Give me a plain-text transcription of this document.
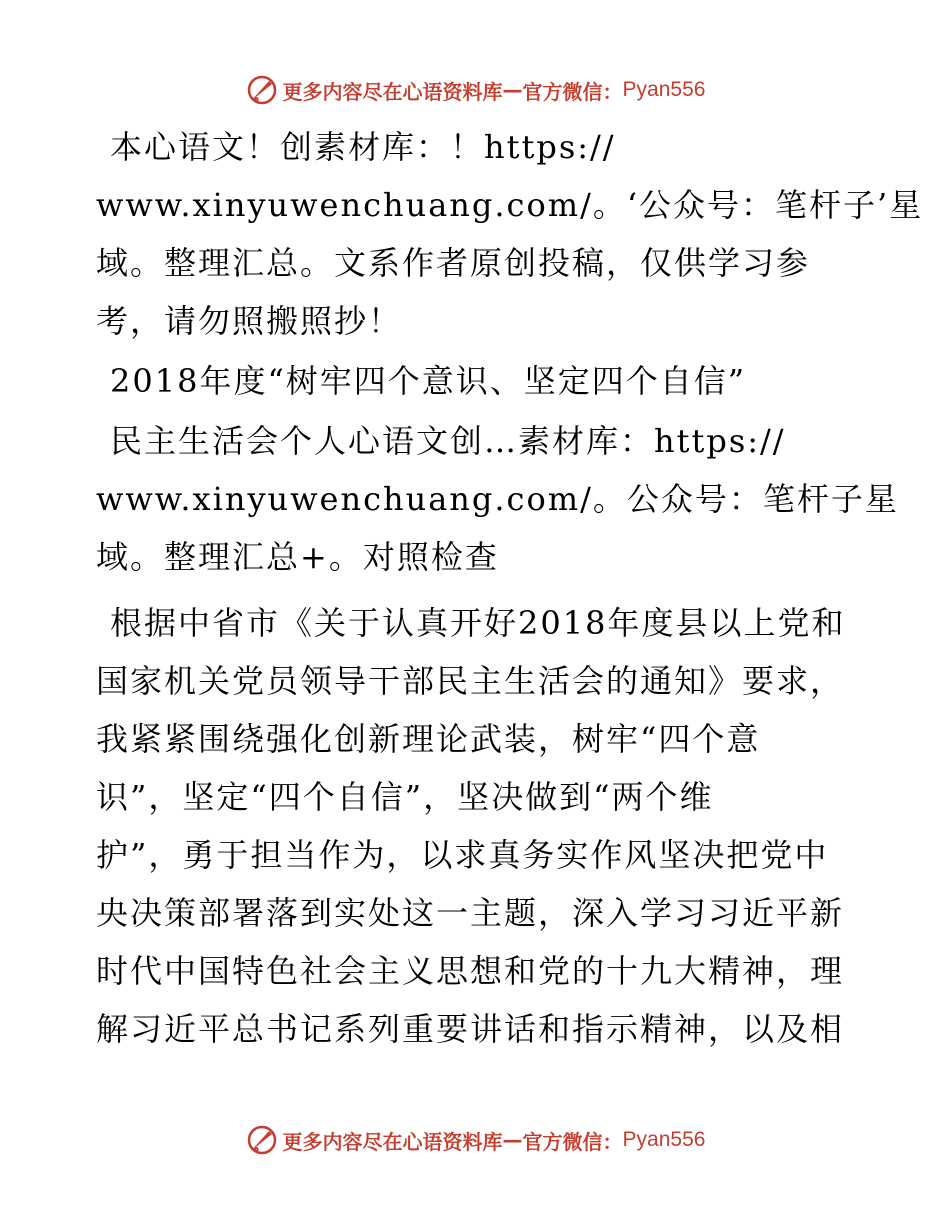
更多内容尽在心语资料库 — 官方微信： Pyan556
本心语文！创素材库：！https://
www.xinyuwenchuang.com/。‘公众号：笔杆子’星
域。整理汇总。文系作者原创投稿，仅供学习参
考，请勿照搬照抄！
2018年度“树牢四个意识、坚定四个自信”
民主生活会个人心语文创…素材库：https://
www.xinyuwenchuang.com/。公众号：笔杆子星
域。整理汇总+。对照检查
根据中省市《关于认真开好2018年度县以上党和
国家机关党员领导干部民主生活会的通知》要求，
我紧紧围绕强化创新理论武装，树牢“四个意
识”，坚定“四个自信”，坚决做到“两个维
护”，勇于担当作为，以求真务实作风坚决把党中
央决策部署落到实处这一主题，深入学习习近平新
时代中国特色社会主义思想和党的十九大精神，理
解习近平总书记系列重要讲话和指示精神，以及相
更多内容尽在心语资料库 — 官方微信： Pyan556
